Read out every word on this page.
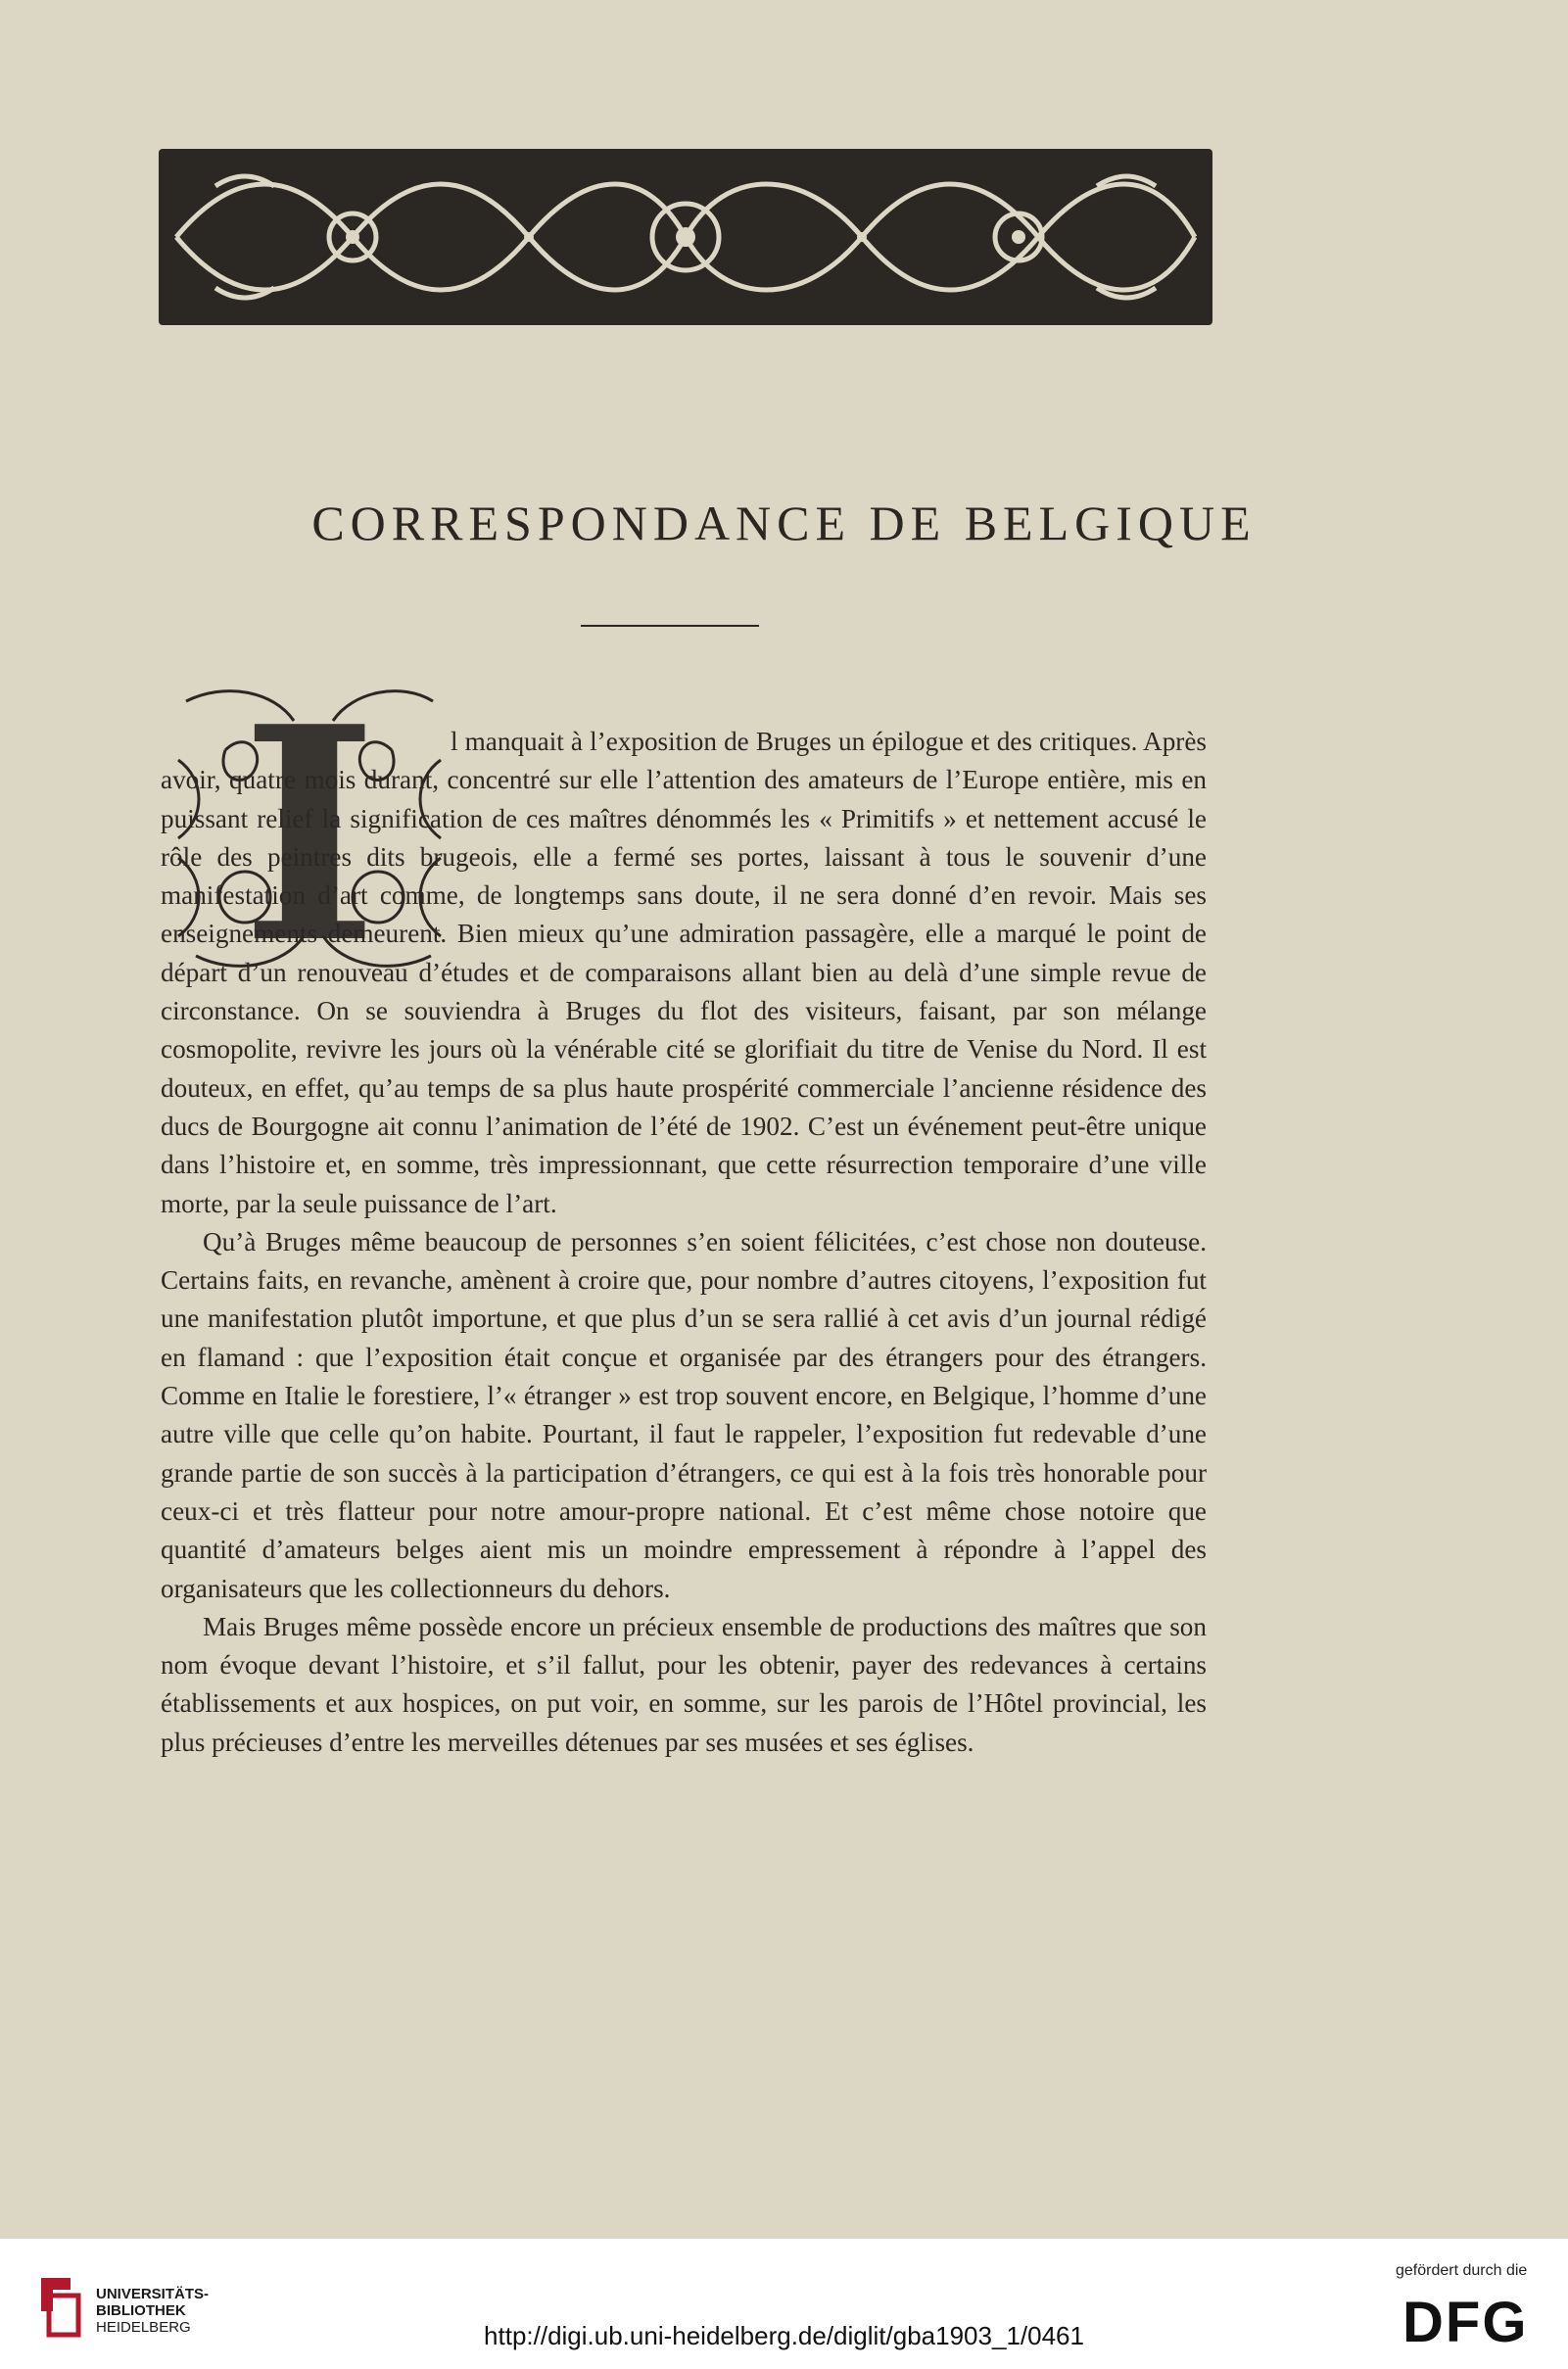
CORRESPONDANCE DE BELGIQUE
I	l manquait à l’exposition de Bruges un épilogue et des critiques. Après avoir, quatre mois durant, concentré sur elle l’attention des amateurs de l’Europe entière, mis en puissant relief la signification de ces maîtres dénommés les « Primitifs » et nettement accusé le rôle des peintres dits brugeois, elle a fermé ses portes, laissant à tous le souvenir d’une manifestation d’art comme, de longtemps sans doute, il ne sera donné d’en revoir. Mais ses enseignements demeurent. Bien mieux qu’une admiration passagère, elle a marqué le point de départ d’un renouveau d’études et de comparaisons allant bien au delà d’une simple revue de circonstance. On se souviendra à Bruges du flot des visiteurs, faisant, par son mélange cosmopolite, revivre les jours où la vénérable cité se glorifiait du titre de Venise du Nord. Il est douteux, en effet, qu’au temps de sa plus haute prospérité commerciale l’ancienne résidence des ducs de Bourgogne ait connu l’animation de l’été de 1902. C’est un événement peut-être unique dans l’histoire et, en somme, très impressionnant, que cette résurrection temporaire d’une ville morte, par la seule puissance de l’art.

Qu’à Bruges même beaucoup de personnes s’en soient félicitées, c’est chose non douteuse. Certains faits, en revanche, amènent à croire que, pour nombre d’autres citoyens, l’exposition fut une manifestation plutôt importune, et que plus d’un se sera rallié à cet avis d’un journal rédigé en flamand : que l’exposition était conçue et organisée par des étrangers pour des étrangers. Comme en Italie le forestiere, l’« étranger » est trop souvent encore, en Belgique, l’homme d’une autre ville que celle qu’on habite. Pourtant, il faut le rappeler, l’exposition fut redevable d’une grande partie de son succès à la participation d’étrangers, ce qui est à la fois très honorable pour ceux-ci et très flatteur pour notre amour-propre national. Et c’est même chose notoire que quantité d’amateurs belges aient mis un moindre empressement à répondre à l’appel des organisateurs que les collectionneurs du dehors.

Mais Bruges même possède encore un précieux ensemble de productions des maîtres que son nom évoque devant l’histoire, et s’il fallut, pour les obtenir, payer des redevances à certains établissements et aux hospices, on put voir, en somme, sur les parois de l’Hôtel provincial, les plus précieuses d’entre les merveilles détenues par ses musées et ses églises.

UNIVERSITÄTS-
BIBLIOTHEK
HEIDELBERG	http://digi.ub.uni-heidelberg.de/diglit/gba1903_1/0461
gefördert durch die
DFG
